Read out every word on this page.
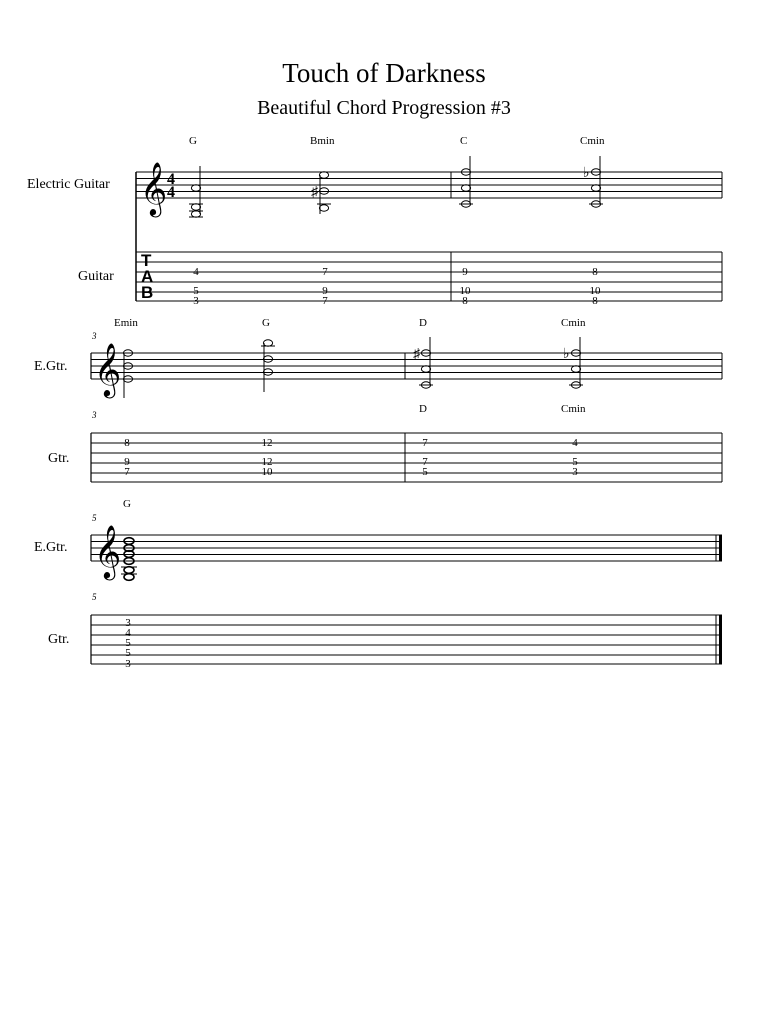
Touch of Darkness
Beautiful Chord Progression #3
Electric Guitar
Guitar
𝄞 4
4
T
A
B
G	Bmin	C	Cmin
♯
♭
4
5
3
7
9
7
9
10
8
8
10
8
3
E.Gtr.
Gtr.
𝄞
3
Emin	G	D	Cmin
D	Cmin
♯	♭
8
9
7
12
12
10
7
7
5
4
5
3
5
E.Gtr.
Gtr.
𝄞
5
G
3
4
5
5
3
